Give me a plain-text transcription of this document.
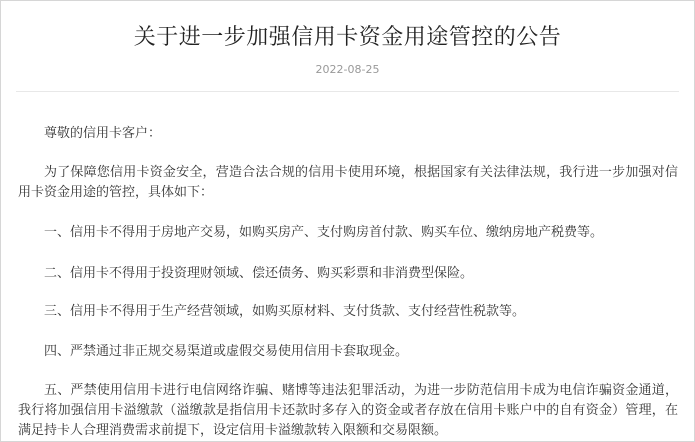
关于进一步加强信用卡资金用途管控的公告
2022-08-25

尊敬的信用卡客户：

为了保障您信用卡资金安全，营造合法合规的信用卡使用环境，根据国家有关法律法规，我行进一步加强对信用卡资金用途的管控，具体如下：

一、信用卡不得用于房地产交易，如购买房产、支付购房首付款、购买车位、缴纳房地产税费等。

二、信用卡不得用于投资理财领域、偿还债务、购买彩票和非消费型保险。

三、信用卡不得用于生产经营领域，如购买原材料、支付货款、支付经营性税款等。

四、严禁通过非正规交易渠道或虚假交易使用信用卡套取现金。

五、严禁使用信用卡进行电信网络诈骗、赌博等违法犯罪活动，为进一步防范信用卡成为电信诈骗资金通道，我行将加强信用卡溢缴款（溢缴款是指信用卡还款时多存入的资金或者存放在信用卡账户中的自有资金）管理，在满足持卡人合理消费需求前提下，设定信用卡溢缴款转入限额和交易限额。
